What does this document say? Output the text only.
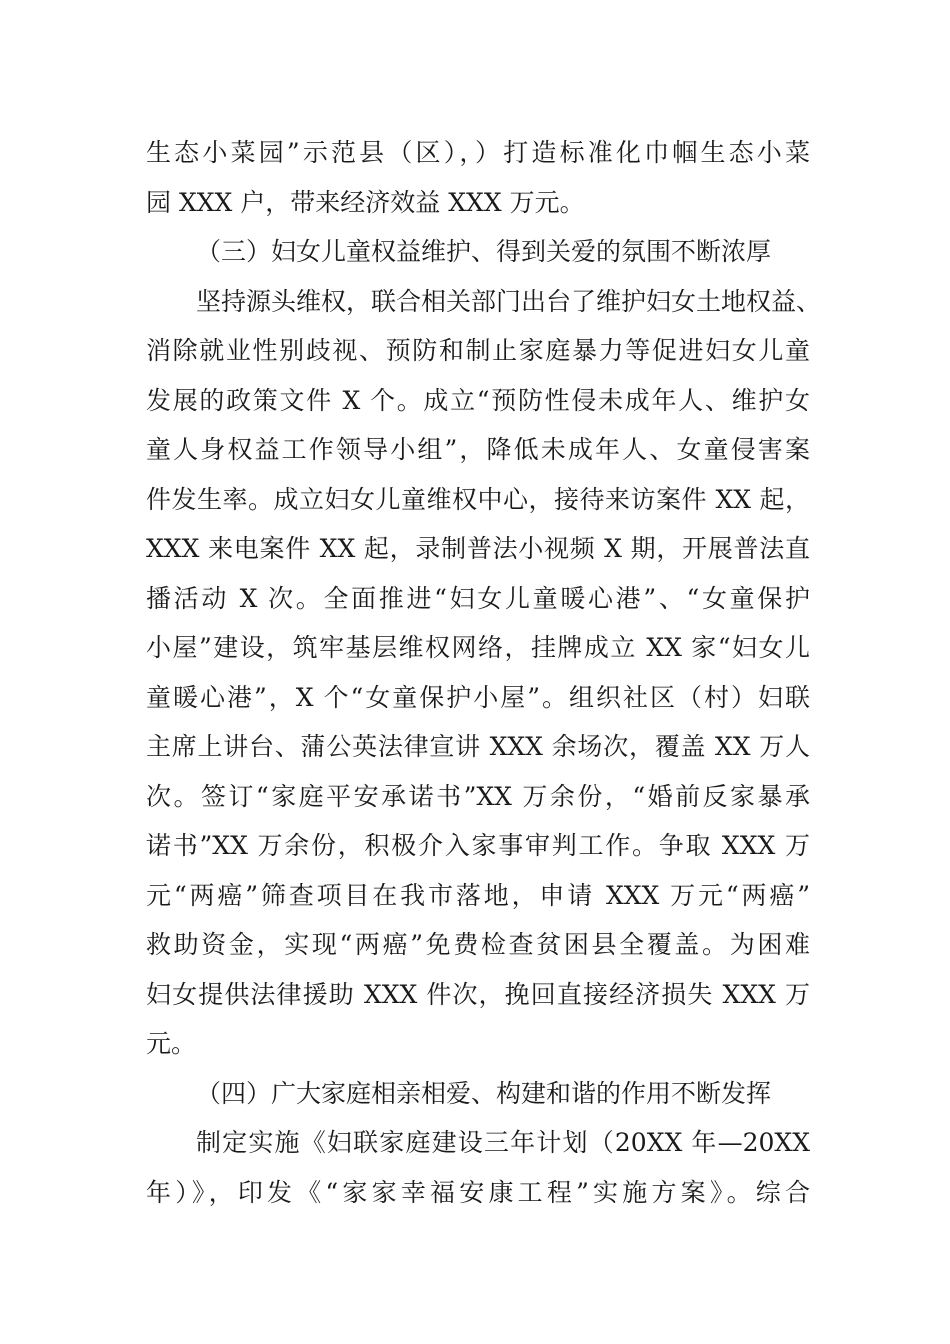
生态小菜园”示范县（区），）打造标准化巾帼生态小菜
园 XXX 户，带来经济效益 XXX 万元。
（三）妇女儿童权益维护、得到关爱的氛围不断浓厚
坚持源头维权，联合相关部门出台了维护妇女土地权益、
消除就业性别歧视、预防和制止家庭暴力等促进妇女儿童
发展的政策文件 X 个。成立“预防性侵未成年人、维护女
童人身权益工作领导小组”，降低未成年人、女童侵害案
件发生率。成立妇女儿童维权中心，接待来访案件 XX 起，
XXX 来电案件 XX 起，录制普法小视频 X 期，开展普法直
播活动 X 次。全面推进“妇女儿童暖心港”、“女童保护
小屋”建设，筑牢基层维权网络，挂牌成立 XX 家“妇女儿
童暖心港”，X 个“女童保护小屋”。组织社区（村）妇联
主席上讲台、蒲公英法律宣讲 XXX 余场次，覆盖 XX 万人
次。签订“家庭平安承诺书”XX 万余份，“婚前反家暴承
诺书”XX 万余份，积极介入家事审判工作。争取 XXX 万
元“两癌”筛查项目在我市落地，申请 XXX 万元“两癌”
救助资金，实现“两癌”免费检查贫困县全覆盖。为困难
妇女提供法律援助 XXX 件次，挽回直接经济损失 XXX 万
元。
（四）广大家庭相亲相爱、构建和谐的作用不断发挥
制定实施《妇联家庭建设三年计划（20XX 年—20XX
年）》，印发《“家家幸福安康工程”实施方案》。综合
